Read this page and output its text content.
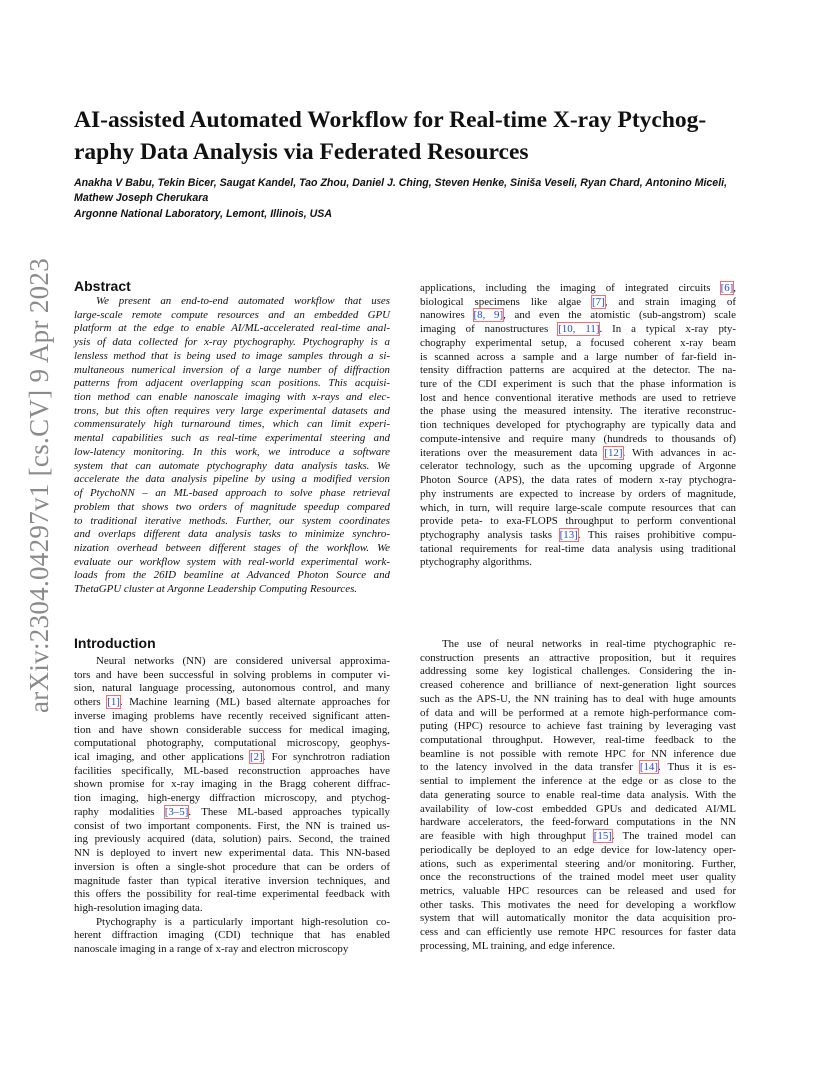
arXiv:2304.04297v1 [cs.CV] 9 Apr 2023
AI-assisted Automated Workflow for Real-time X-ray Ptychog-
raphy Data Analysis via Federated Resources
Anakha V Babu, Tekin Bicer, Saugat Kandel, Tao Zhou, Daniel J. Ching, Steven Henke, Siniša Veseli, Ryan Chard, Antonino Miceli,
Mathew Joseph Cherukara
Argonne National Laboratory, Lemont, Illinois, USA
Abstract
We present an end-to-end automated workflow that uses
large-scale remote compute resources and an embedded GPU
platform at the edge to enable AI/ML-accelerated real-time anal-
ysis of data collected for x-ray ptychography. Ptychography is a
lensless method that is being used to image samples through a si-
multaneous numerical inversion of a large number of diffraction
patterns from adjacent overlapping scan positions. This acquisi-
tion method can enable nanoscale imaging with x-rays and elec-
trons, but this often requires very large experimental datasets and
commensurately high turnaround times, which can limit experi-
mental capabilities such as real-time experimental steering and
low-latency monitoring. In this work, we introduce a software
system that can automate ptychography data analysis tasks. We
accelerate the data analysis pipeline by using a modified version
of PtychoNN – an ML-based approach to solve phase retrieval
problem that shows two orders of magnitude speedup compared
to traditional iterative methods. Further, our system coordinates
and overlaps different data analysis tasks to minimize synchro-
nization overhead between different stages of the workflow. We
evaluate our workflow system with real-world experimental work-
loads from the 26ID beamline at Advanced Photon Source and
ThetaGPU cluster at Argonne Leadership Computing Resources.
Introduction
Neural networks (NN) are considered universal approxima-
tors and have been successful in solving problems in computer vi-
sion, natural language processing, autonomous control, and many
others [1]. Machine learning (ML) based alternate approaches for
inverse imaging problems have recently received significant atten-
tion and have shown considerable success for medical imaging,
computational photography, computational microscopy, geophys-
ical imaging, and other applications [2]. For synchrotron radiation
facilities specifically, ML-based reconstruction approaches have
shown promise for x-ray imaging in the Bragg coherent diffrac-
tion imaging, high-energy diffraction microscopy, and ptychog-
raphy modalities [3–5]. These ML-based approaches typically
consist of two important components. First, the NN is trained us-
ing previously acquired (data, solution) pairs. Second, the trained
NN is deployed to invert new experimental data. This NN-based
inversion is often a single-shot procedure that can be orders of
magnitude faster than typical iterative inversion techniques, and
this offers the possibility for real-time experimental feedback with
high-resolution imaging data.
Ptychography is a particularly important high-resolution co-
herent diffraction imaging (CDI) technique that has enabled
nanoscale imaging in a range of x-ray and electron microscopy
applications, including the imaging of integrated circuits [6],
biological specimens like algae [7], and strain imaging of
nanowires [8, 9], and even the atomistic (sub-angstrom) scale
imaging of nanostructures [10, 11]. In a typical x-ray pty-
chography experimental setup, a focused coherent x-ray beam
is scanned across a sample and a large number of far-field in-
tensity diffraction patterns are acquired at the detector. The na-
ture of the CDI experiment is such that the phase information is
lost and hence conventional iterative methods are used to retrieve
the phase using the measured intensity. The iterative reconstruc-
tion techniques developed for ptychography are typically data and
compute-intensive and require many (hundreds to thousands of)
iterations over the measurement data [12]. With advances in ac-
celerator technology, such as the upcoming upgrade of Argonne
Photon Source (APS), the data rates of modern x-ray ptychogra-
phy instruments are expected to increase by orders of magnitude,
which, in turn, will require large-scale compute resources that can
provide peta- to exa-FLOPS throughput to perform conventional
ptychography analysis tasks [13]. This raises prohibitive compu-
tational requirements for real-time data analysis using traditional
ptychography algorithms.
The use of neural networks in real-time ptychographic re-
construction presents an attractive proposition, but it requires
addressing some key logistical challenges. Considering the in-
creased coherence and brilliance of next-generation light sources
such as the APS-U, the NN training has to deal with huge amounts
of data and will be performed at a remote high-performance com-
puting (HPC) resource to achieve fast training by leveraging vast
computational throughput. However, real-time feedback to the
beamline is not possible with remote HPC for NN inference due
to the latency involved in the data transfer [14]. Thus it is es-
sential to implement the inference at the edge or as close to the
data generating source to enable real-time data analysis. With the
availability of low-cost embedded GPUs and dedicated AI/ML
hardware accelerators, the feed-forward computations in the NN
are feasible with high throughput [15]. The trained model can
periodically be deployed to an edge device for low-latency oper-
ations, such as experimental steering and/or monitoring. Further,
once the reconstructions of the trained model meet user quality
metrics, valuable HPC resources can be released and used for
other tasks. This motivates the need for developing a workflow
system that will automatically monitor the data acquisition pro-
cess and can efficiently use remote HPC resources for faster data
processing, ML training, and edge inference.
